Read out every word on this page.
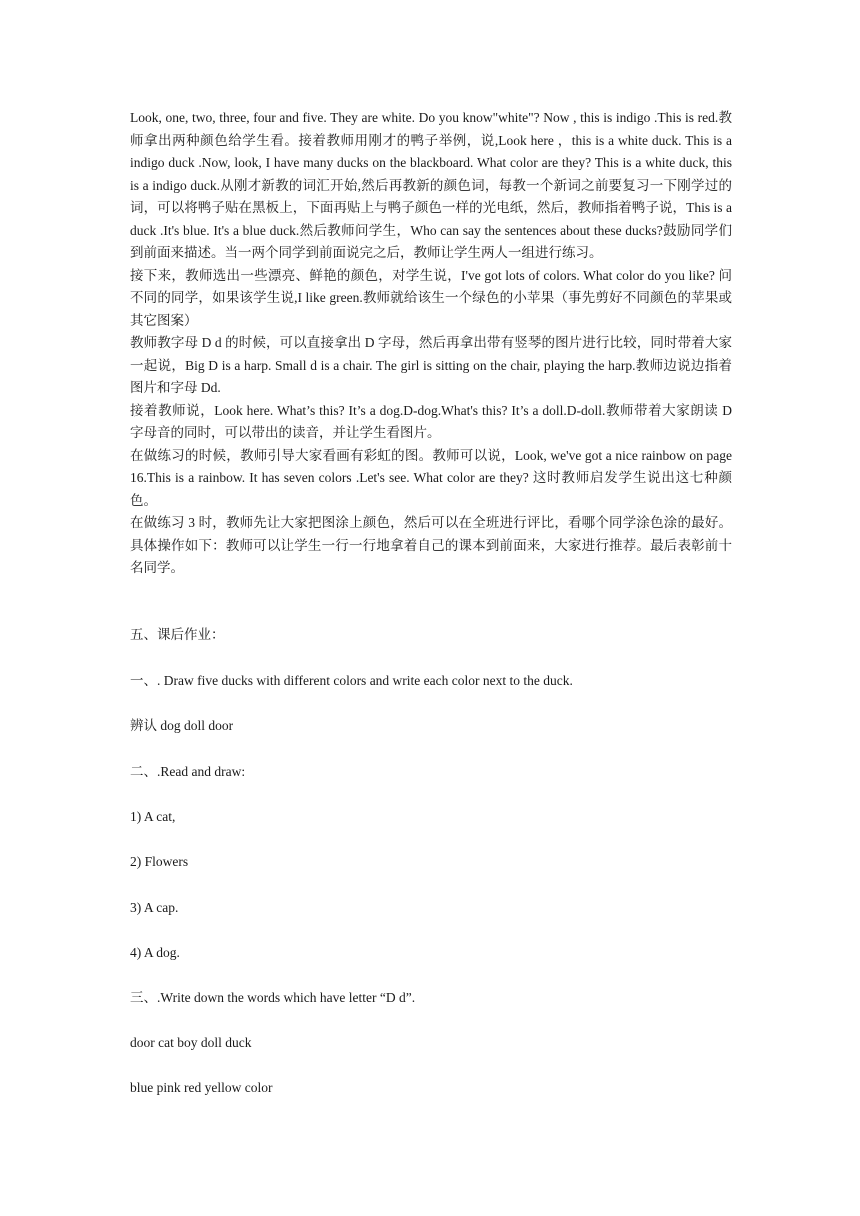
Look, one, two, three, four and five. They are white. Do you know"white"? Now , this is indigo .This is red.教师拿出两种颜色给学生看。接着教师用刚才的鸭子举例，说,Look here ，this is a white duck. This is a indigo duck .Now, look, I have many ducks on the blackboard. What color are they? This is a white duck, this is a indigo duck.从刚才新教的词汇开始,然后再教新的颜色词，每教一个新词之前要复习一下刚学过的词，可以将鸭子贴在黑板上，下面再贴上与鸭子颜色一样的光电纸，然后，教师指着鸭子说，This is a duck .It's blue. It's a blue duck.然后教师问学生，Who can say the sentences about these ducks?鼓励同学们到前面来描述。当一两个同学到前面说完之后，教师让学生两人一组进行练习。

接下来，教师选出一些漂亮、鲜艳的颜色，对学生说，I've got lots of colors. What color do you like? 问不同的同学，如果该学生说,I like green.教师就给该生一个绿色的小苹果（事先剪好不同颜色的苹果或其它图案）

教师教字母 D d 的时候，可以直接拿出 D 字母，然后再拿出带有竖琴的图片进行比较，同时带着大家一起说，Big D is a harp. Small d is a chair. The girl is sitting on the chair, playing the harp.教师边说边指着图片和字母 Dd.

接着教师说，Look here. What’s this? It’s a dog.D-dog.What's this? It’s a doll.D-doll.教师带着大家朗读 D 字母音的同时，可以带出的读音，并让学生看图片。

在做练习的时候，教师引导大家看画有彩虹的图。教师可以说，Look, we've got a nice rainbow on page 16.This is a rainbow. It has seven colors .Let's see. What color are they? 这时教师启发学生说出这七种颜色。

在做练习 3 时，教师先让大家把图涂上颜色，然后可以在全班进行评比，看哪个同学涂色涂的最好。具体操作如下：教师可以让学生一行一行地拿着自己的课本到前面来，大家进行推荐。最后表彰前十名同学。

五、课后作业：
一、. Draw five ducks with different colors and write each color next to the duck.
辨认 dog doll door
二、.Read and draw:
1) A cat,
2) Flowers
3) A cap.
4) A dog.
三、.Write down the words which have letter “D d”.
door cat boy doll duck
blue pink red yellow color
